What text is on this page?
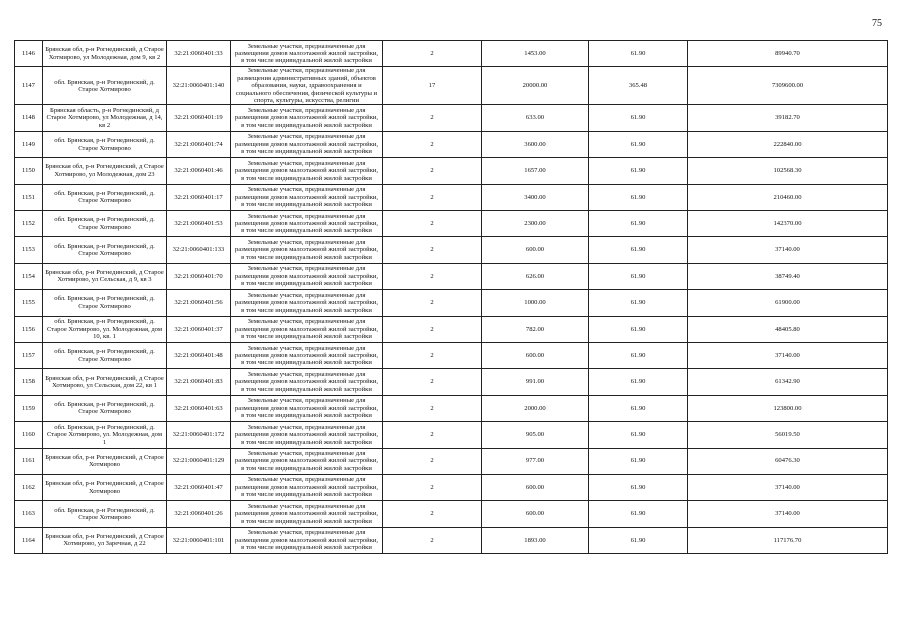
75
1146	Брянская обл, р-н Рогнединский, д Старое Хотмирово, ул Молодежная, дом 9, кв 2	32:21:0060401:33	Земельные участки, предназначенные для размещения домов малоэтажной жилой застройки, в том числе индивидуальной жилой застройки	2	1453.00	61.90	89940.70
1147	обл. Брянская, р-н Рогнединский, д. Старое Хотмирово	32:21:0060401:140	Земельные участки, предназначенные для размещения административных зданий, объектов образования, науки, здравоохранения и социального обеспечения, физической культуры и спорта, культуры, искусства, религии	17	20000.00	365.48	7309600.00
1148	Брянская область, р-н Рогнединский, д Старое Хотмирово, ул Молодежная, д 14, кв 2	32:21:0060401:19	Земельные участки, предназначенные для размещения домов малоэтажной жилой застройки, в том числе индивидуальной жилой застройки	2	633.00	61.90	39182.70
1149	обл. Брянская, р-н Рогнединский, д. Старое Хотмирово	32:21:0060401:74	Земельные участки, предназначенные для размещения домов малоэтажной жилой застройки, в том числе индивидуальной жилой застройки	2	3600.00	61.90	222840.00
1150	Брянская обл, р-н Рогнединский, д Старое Хотмирово, ул Молодежная, дом 23	32:21:0060401:46	Земельные участки, предназначенные для размещения домов малоэтажной жилой застройки, в том числе индивидуальной жилой застройки	2	1657.00	61.90	102568.30
1151	обл. Брянская, р-н Рогнединский, д. Старое Хотмирово	32:21:0060401:17	Земельные участки, предназначенные для размещения домов малоэтажной жилой застройки, в том числе индивидуальной жилой застройки	2	3400.00	61.90	210460.00
1152	обл. Брянская, р-н Рогнединский, д. Старое Хотмирово	32:21:0060401:53	Земельные участки, предназначенные для размещения домов малоэтажной жилой застройки, в том числе индивидуальной жилой застройки	2	2300.00	61.90	142370.00
1153	обл. Брянская, р-н Рогнединский, д. Старое Хотмирово	32:21:0060401:133	Земельные участки, предназначенные для размещения домов малоэтажной жилой застройки, в том числе индивидуальной жилой застройки	2	600.00	61.90	37140.00
1154	Брянская обл, р-н Рогнединский, д Старое Хотмирово, ул Сельская, д 9, кв 3	32:21:0060401:70	Земельные участки, предназначенные для размещения домов малоэтажной жилой застройки, в том числе индивидуальной жилой застройки	2	626.00	61.90	38749.40
1155	обл. Брянская, р-н Рогнединский, д. Старое Хотмирово	32:21:0060401:56	Земельные участки, предназначенные для размещения домов малоэтажной жилой застройки, в том числе индивидуальной жилой застройки	2	1000.00	61.90	61900.00
1156	обл. Брянская, р-н Рогнединский, д. Старое Хотмирово, ул. Молодежная, дом 10, кв. 1	32:21:0060401:37	Земельные участки, предназначенные для размещения домов малоэтажной жилой застройки, в том числе индивидуальной жилой застройки	2	782.00	61.90	48405.80
1157	обл. Брянская, р-н Рогнединский, д. Старое Хотмирово	32:21:0060401:48	Земельные участки, предназначенные для размещения домов малоэтажной жилой застройки, в том числе индивидуальной жилой застройки	2	600.00	61.90	37140.00
1158	Брянская обл, р-н Рогнединский, д Старое Хотмирово, ул Сельская, дом 22, кв 1	32:21:0060401:83	Земельные участки, предназначенные для размещения домов малоэтажной жилой застройки, в том числе индивидуальной жилой застройки	2	991.00	61.90	61342.90
1159	обл. Брянская, р-н Рогнединский, д. Старое Хотмирово	32:21:0060401:63	Земельные участки, предназначенные для размещения домов малоэтажной жилой застройки, в том числе индивидуальной жилой застройки	2	2000.00	61.90	123800.00
1160	обл. Брянская, р-н Рогнединский, д. Старое Хотмирово, ул. Молодежная, дом 1	32:21:0060401:172	Земельные участки, предназначенные для размещения домов малоэтажной жилой застройки, в том числе индивидуальной жилой застройки	2	905.00	61.90	56019.50
1161	Брянская обл, р-н Рогнединский, д Старое Хотмирово	32:21:0060401:129	Земельные участки, предназначенные для размещения домов малоэтажной жилой застройки, в том числе индивидуальной жилой застройки	2	977.00	61.90	60476.30
1162	Брянская обл, р-н Рогнединский, д Старое Хотмирово	32:21:0060401:47	Земельные участки, предназначенные для размещения домов малоэтажной жилой застройки, в том числе индивидуальной жилой застройки	2	600.00	61.90	37140.00
1163	обл. Брянская, р-н Рогнединский, д. Старое Хотмирово	32:21:0060401:26	Земельные участки, предназначенные для размещения домов малоэтажной жилой застройки, в том числе индивидуальной жилой застройки	2	600.00	61.90	37140.00
1164	Брянская обл, р-н Рогнединский, д Старое Хотмирово, ул Заречная, д 22	32:21:0060401:101	Земельные участки, предназначенные для размещения домов малоэтажной жилой застройки, в том числе индивидуальной жилой застройки	2	1893.00	61.90	117176.70
